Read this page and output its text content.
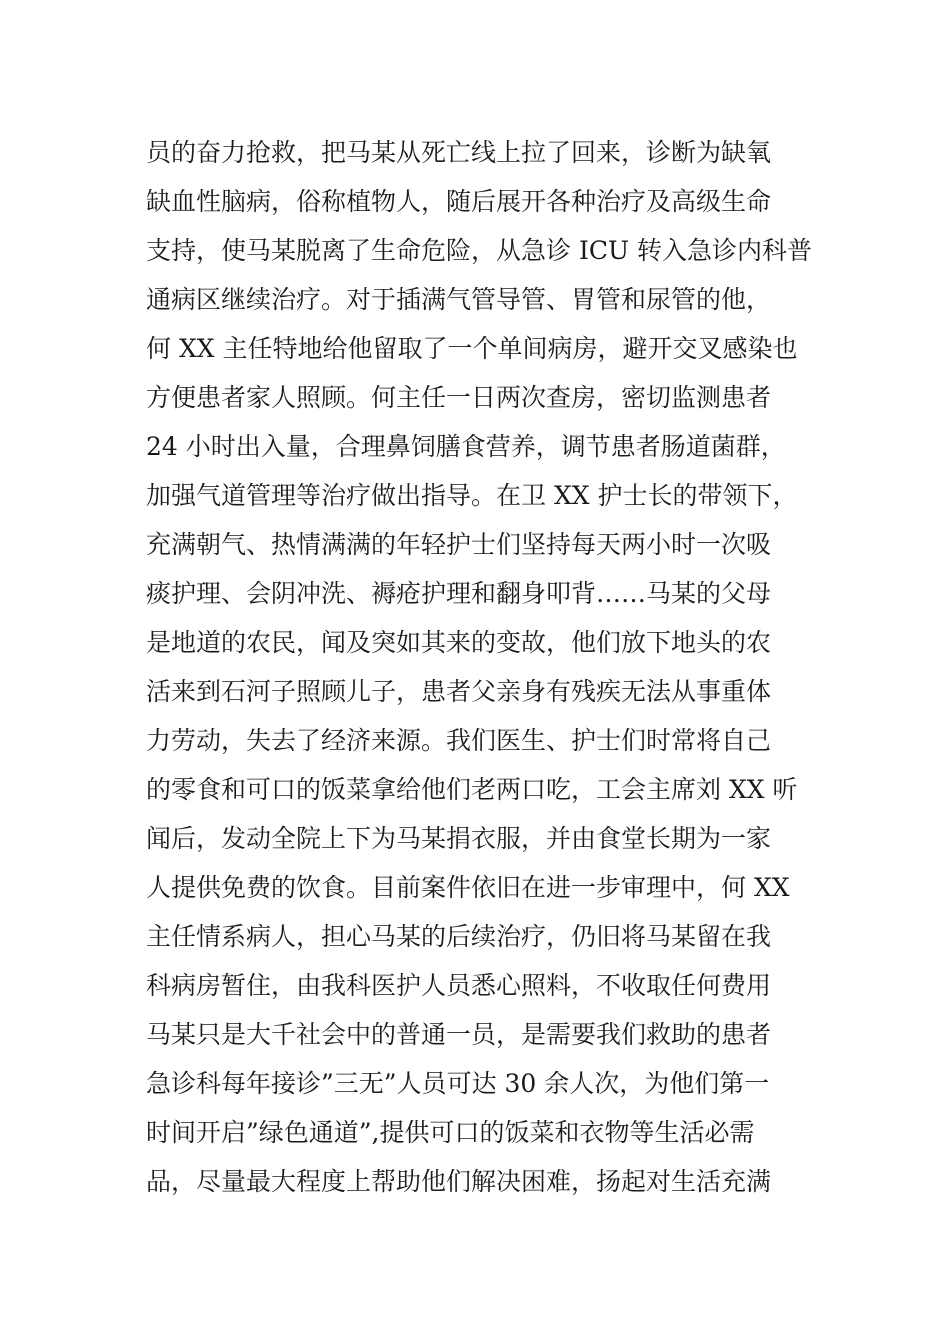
员的奋力抢救，把马某从死亡线上拉了回来，诊断为缺氧
缺血性脑病，俗称植物人，随后展开各种治疗及高级生命
支持，使马某脱离了生命危险，从急诊 ICU 转入急诊内科普
通病区继续治疗。对于插满气管导管、胃管和尿管的他，
何 XX 主任特地给他留取了一个单间病房，避开交叉感染也
方便患者家人照顾。何主任一日两次查房，密切监测患者
24 小时出入量，合理鼻饲膳食营养，调节患者肠道菌群，
加强气道管理等治疗做出指导。在卫 XX 护士长的带领下，
充满朝气、热情满满的年轻护士们坚持每天两小时一次吸
痰护理、会阴冲洗、褥疮护理和翻身叩背……马某的父母
是地道的农民，闻及突如其来的变故，他们放下地头的农
活来到石河子照顾儿子，患者父亲身有残疾无法从事重体
力劳动，失去了经济来源。我们医生、护士们时常将自己
的零食和可口的饭菜拿给他们老两口吃，工会主席刘 XX 听
闻后，发动全院上下为马某捐衣服，并由食堂长期为一家
人提供免费的饮食。目前案件依旧在进一步审理中，何 XX
主任情系病人，担心马某的后续治疗，仍旧将马某留在我
科病房暂住，由我科医护人员悉心照料，不收取任何费用
马某只是大千社会中的普通一员，是需要我们救助的患者
急诊科每年接诊”三无”人员可达 30 余人次，为他们第一
时间开启”绿色通道”,提供可口的饭菜和衣物等生活必需
品，尽量最大程度上帮助他们解决困难，扬起对生活充满
